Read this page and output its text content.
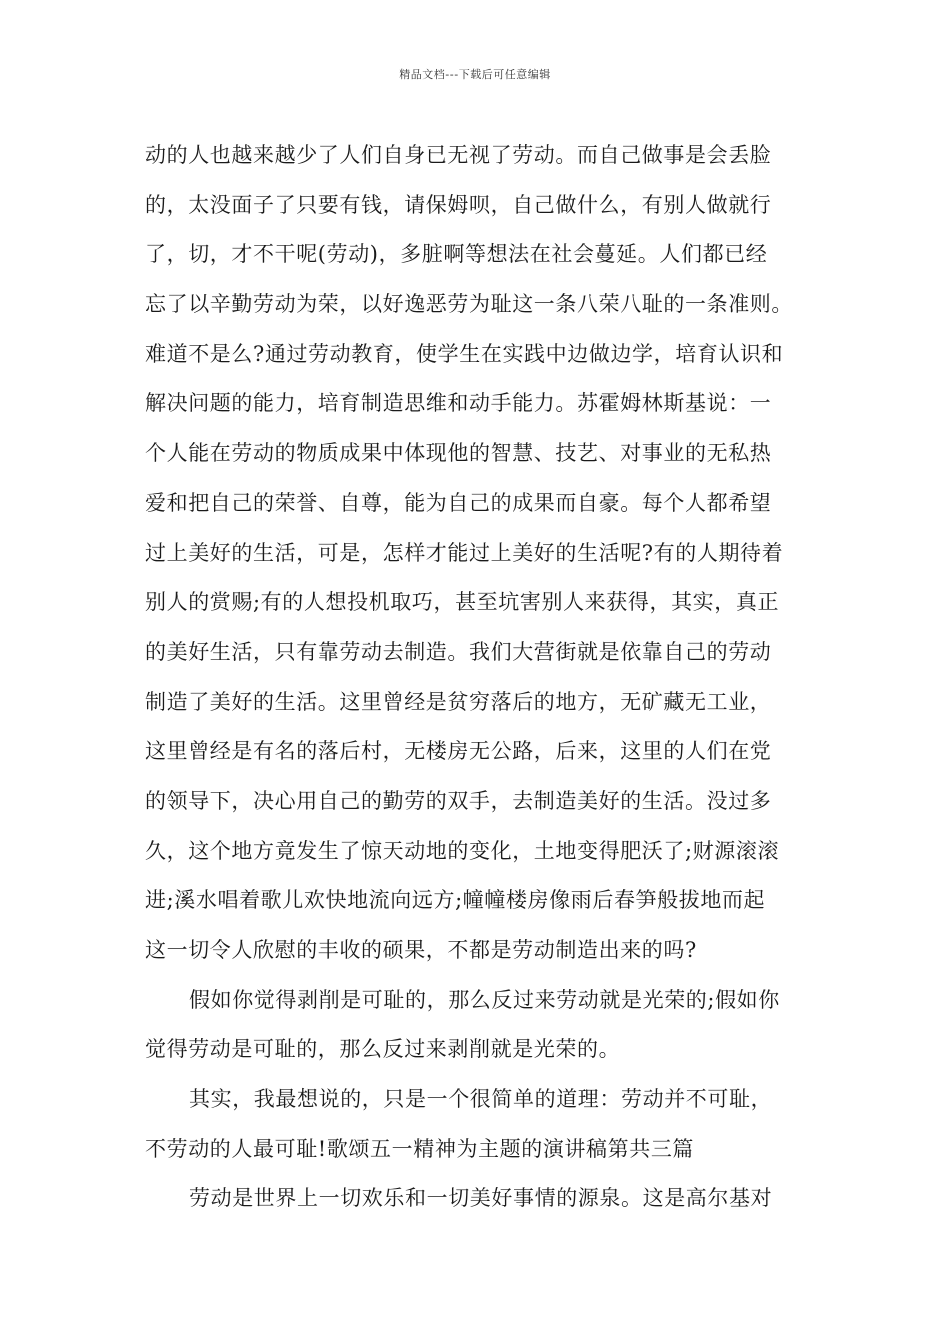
精品文档---下载后可任意编辑
动的人也越来越少了人们自身已无视了劳动。而自己做事是会丢脸
的，太没面子了只要有钱，请保姆呗，自己做什么，有别人做就行
了，切，才不干呢(劳动)，多脏啊等想法在社会蔓延。人们都已经
忘了以辛勤劳动为荣，以好逸恶劳为耻这一条八荣八耻的一条准则。
难道不是么?通过劳动教育，使学生在实践中边做边学，培育认识和
解决问题的能力，培育制造思维和动手能力。苏霍姆林斯基说：一
个人能在劳动的物质成果中体现他的智慧、技艺、对事业的无私热
爱和把自己的荣誉、自尊，能为自己的成果而自豪。每个人都希望
过上美好的生活，可是，怎样才能过上美好的生活呢?有的人期待着
别人的赏赐;有的人想投机取巧，甚至坑害别人来获得，其实，真正
的美好生活，只有靠劳动去制造。我们大营街就是依靠自己的劳动
制造了美好的生活。这里曾经是贫穷落后的地方，无矿藏无工业，
这里曾经是有名的落后村，无楼房无公路，后来，这里的人们在党
的领导下，决心用自己的勤劳的双手，去制造美好的生活。没过多
久，这个地方竟发生了惊天动地的变化，土地变得肥沃了;财源滚滚
进;溪水唱着歌儿欢快地流向远方;幢幢楼房像雨后春笋般拔地而起
这一切令人欣慰的丰收的硕果，不都是劳动制造出来的吗?
假如你觉得剥削是可耻的，那么反过来劳动就是光荣的;假如你
觉得劳动是可耻的，那么反过来剥削就是光荣的。
其实，我最想说的，只是一个很简单的道理：劳动并不可耻，
不劳动的人最可耻!歌颂五一精神为主题的演讲稿第共三篇
劳动是世界上一切欢乐和一切美好事情的源泉。这是高尔基对
